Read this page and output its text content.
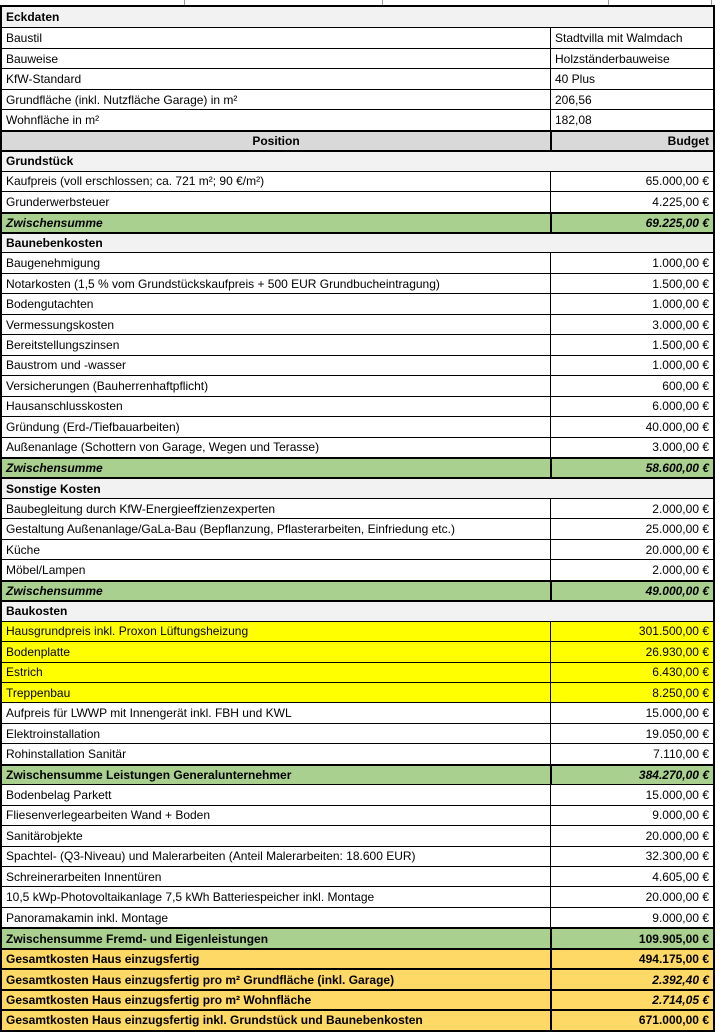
Eckdaten
Baustil	Stadtvilla mit Walmdach
Bauweise	Holzständerbauweise
KfW-Standard	40 Plus
Grundfläche (inkl. Nutzfläche Garage) in m²	206,56
Wohnfläche in m²	182,08
Position	Budget
Grundstück
Kaufpreis (voll erschlossen; ca. 721 m²; 90 €/m²)	65.000,00 €
Grunderwerbsteuer	4.225,00 €
Zwischensumme	69.225,00 €
Baunebenkosten
Baugenehmigung	1.000,00 €
Notarkosten (1,5 % vom Grundstückskaufpreis + 500 EUR Grundbucheintragung)	1.500,00 €
Bodengutachten	1.000,00 €
Vermessungskosten	3.000,00 €
Bereitstellungszinsen	1.500,00 €
Baustrom und -wasser	1.000,00 €
Versicherungen (Bauherrenhaftpflicht)	600,00 €
Hausanschlusskosten	6.000,00 €
Gründung (Erd-/Tiefbauarbeiten)	40.000,00 €
Außenanlage (Schottern von Garage, Wegen und Terasse)	3.000,00 €
Zwischensumme	58.600,00 €
Sonstige Kosten
Baubegleitung durch KfW-Energieeffzienzexperten	2.000,00 €
Gestaltung Außenanlage/GaLa-Bau (Bepflanzung, Pflasterarbeiten, Einfriedung etc.)	25.000,00 €
Küche	20.000,00 €
Möbel/Lampen	2.000,00 €
Zwischensumme	49.000,00 €
Baukosten
Hausgrundpreis inkl. Proxon Lüftungsheizung	301.500,00 €
Bodenplatte	26.930,00 €
Estrich	6.430,00 €
Treppenbau	8.250,00 €
Aufpreis für LWWP mit Innengerät inkl. FBH und KWL	15.000,00 €
Elektroinstallation	19.050,00 €
Rohinstallation Sanitär	7.110,00 €
Zwischensumme Leistungen Generalunternehmer	384.270,00 €
Bodenbelag Parkett	15.000,00 €
Fliesenverlegearbeiten Wand + Boden	9.000,00 €
Sanitärobjekte	20.000,00 €
Spachtel- (Q3-Niveau) und Malerarbeiten (Anteil Malerarbeiten: 18.600 EUR)	32.300,00 €
Schreinerarbeiten Innentüren	4.605,00 €
10,5 kWp-Photovoltaikanlage 7,5 kWh Batteriespeicher inkl. Montage	20.000,00 €
Panoramakamin inkl. Montage	9.000,00 €
Zwischensumme Fremd- und Eigenleistungen	109.905,00 €
Gesamtkosten Haus einzugsfertig	494.175,00 €
Gesamtkosten Haus einzugsfertig pro m² Grundfläche (inkl. Garage)	2.392,40 €
Gesamtkosten Haus einzugsfertig pro m² Wohnfläche	2.714,05 €
Gesamtkosten Haus einzugsfertig inkl. Grundstück und Baunebenkosten	671.000,00 €
